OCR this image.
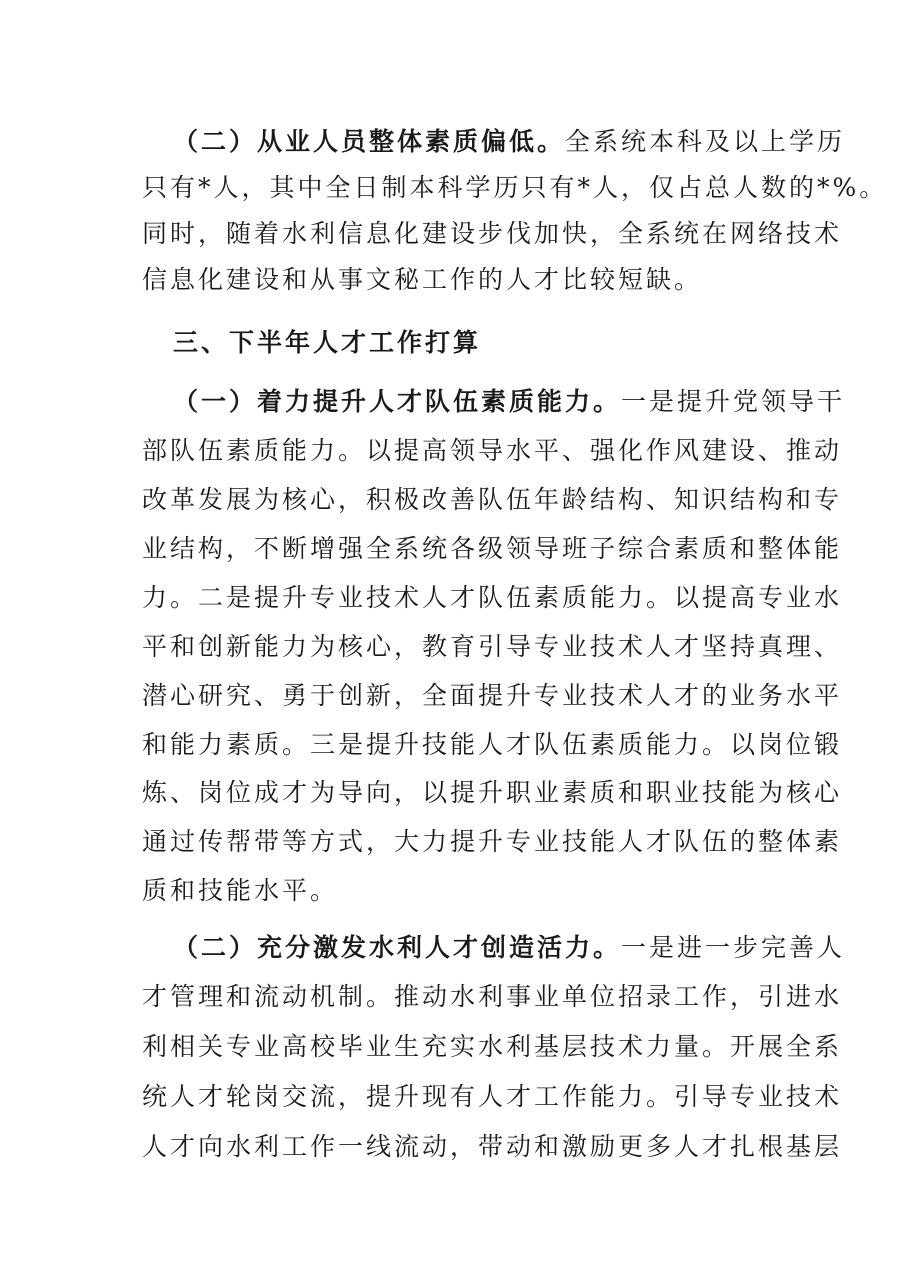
（二）从业人员整体素质偏低。全系统本科及以上学历
只有*人，其中全日制本科学历只有*人，仅占总人数的*%。
同时，随着水利信息化建设步伐加快，全系统在网络技术
信息化建设和从事文秘工作的人才比较短缺。
三、下半年人才工作打算
（一）着力提升人才队伍素质能力。一是提升党领导干
部队伍素质能力。以提高领导水平、强化作风建设、推动
改革发展为核心，积极改善队伍年龄结构、知识结构和专
业结构，不断增强全系统各级领导班子综合素质和整体能
力。二是提升专业技术人才队伍素质能力。以提高专业水
平和创新能力为核心，教育引导专业技术人才坚持真理、
潜心研究、勇于创新，全面提升专业技术人才的业务水平
和能力素质。三是提升技能人才队伍素质能力。以岗位锻
炼、岗位成才为导向，以提升职业素质和职业技能为核心
通过传帮带等方式，大力提升专业技能人才队伍的整体素
质和技能水平。
（二）充分激发水利人才创造活力。一是进一步完善人
才管理和流动机制。推动水利事业单位招录工作，引进水
利相关专业高校毕业生充实水利基层技术力量。开展全系
统人才轮岗交流，提升现有人才工作能力。引导专业技术
人才向水利工作一线流动，带动和激励更多人才扎根基层
